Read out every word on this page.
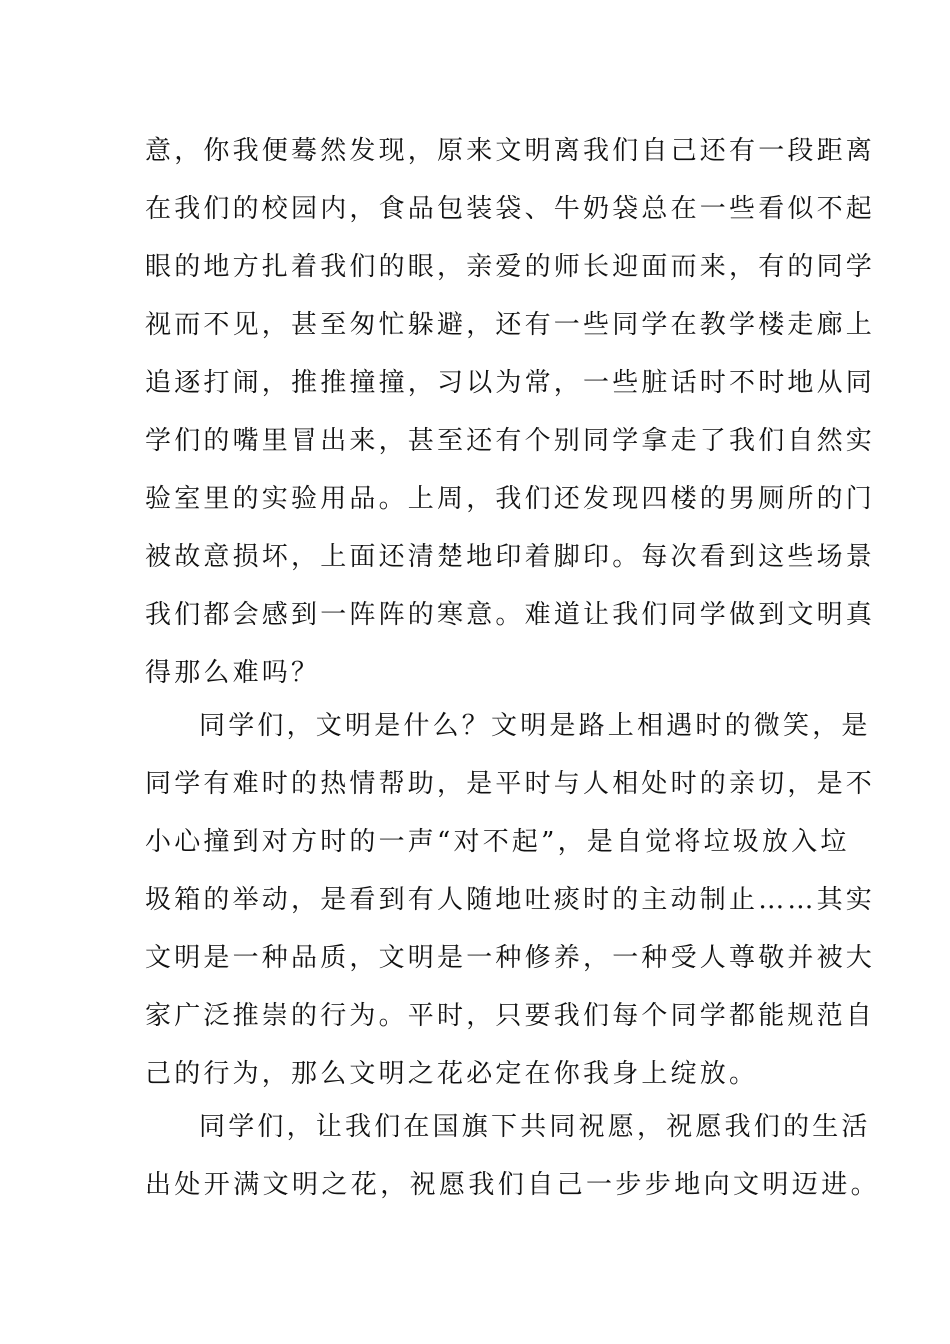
意，你我便蓦然发现，原来文明离我们自己还有一段距离

在我们的校园内，食品包装袋、牛奶袋总在一些看似不起

眼的地方扎着我们的眼，亲爱的师长迎面而来，有的同学

视而不见，甚至匆忙躲避，还有一些同学在教学楼走廊上

追逐打闹，推推撞撞，习以为常，一些脏话时不时地从同

学们的嘴里冒出来，甚至还有个别同学拿走了我们自然实

验室里的实验用品。上周，我们还发现四楼的男厕所的门

被故意损坏，上面还清楚地印着脚印。每次看到这些场景

我们都会感到一阵阵的寒意。难道让我们同学做到文明真

得那么难吗？

同学们，文明是什么？文明是路上相遇时的微笑，是

同学有难时的热情帮助，是平时与人相处时的亲切，是不

小心撞到对方时的一声“对不起”，是自觉将垃圾放入垃

圾箱的举动，是看到有人随地吐痰时的主动制止……其实

文明是一种品质，文明是一种修养，一种受人尊敬并被大

家广泛推崇的行为。平时，只要我们每个同学都能规范自

己的行为，那么文明之花必定在你我身上绽放。

同学们，让我们在国旗下共同祝愿，祝愿我们的生活

出处开满文明之花，祝愿我们自己一步步地向文明迈进。
